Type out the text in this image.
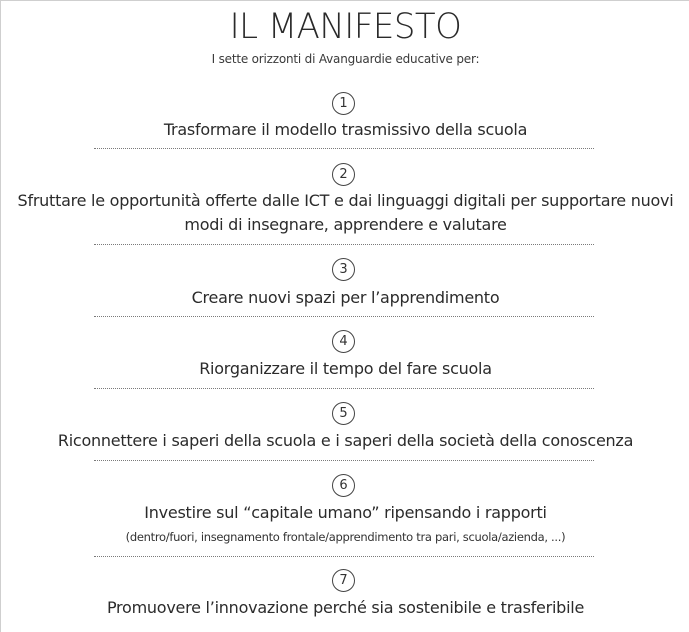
IL MANIFESTO
I sette orizzonti di Avanguardie educative per:
1
Trasformare il modello trasmissivo della scuola
2
Sfruttare le opportunità offerte dalle ICT e dai linguaggi digitali per supportare nuovi
modi di insegnare, apprendere e valutare
3
Creare nuovi spazi per l’apprendimento
4
Riorganizzare il tempo del fare scuola
5
Riconnettere i saperi della scuola e i saperi della società della conoscenza
6
Investire sul “capitale umano” ripensando i rapporti
(dentro/fuori, insegnamento frontale/apprendimento tra pari, scuola/azienda, ...)
7
Promuovere l’innovazione perché sia sostenibile e trasferibile
